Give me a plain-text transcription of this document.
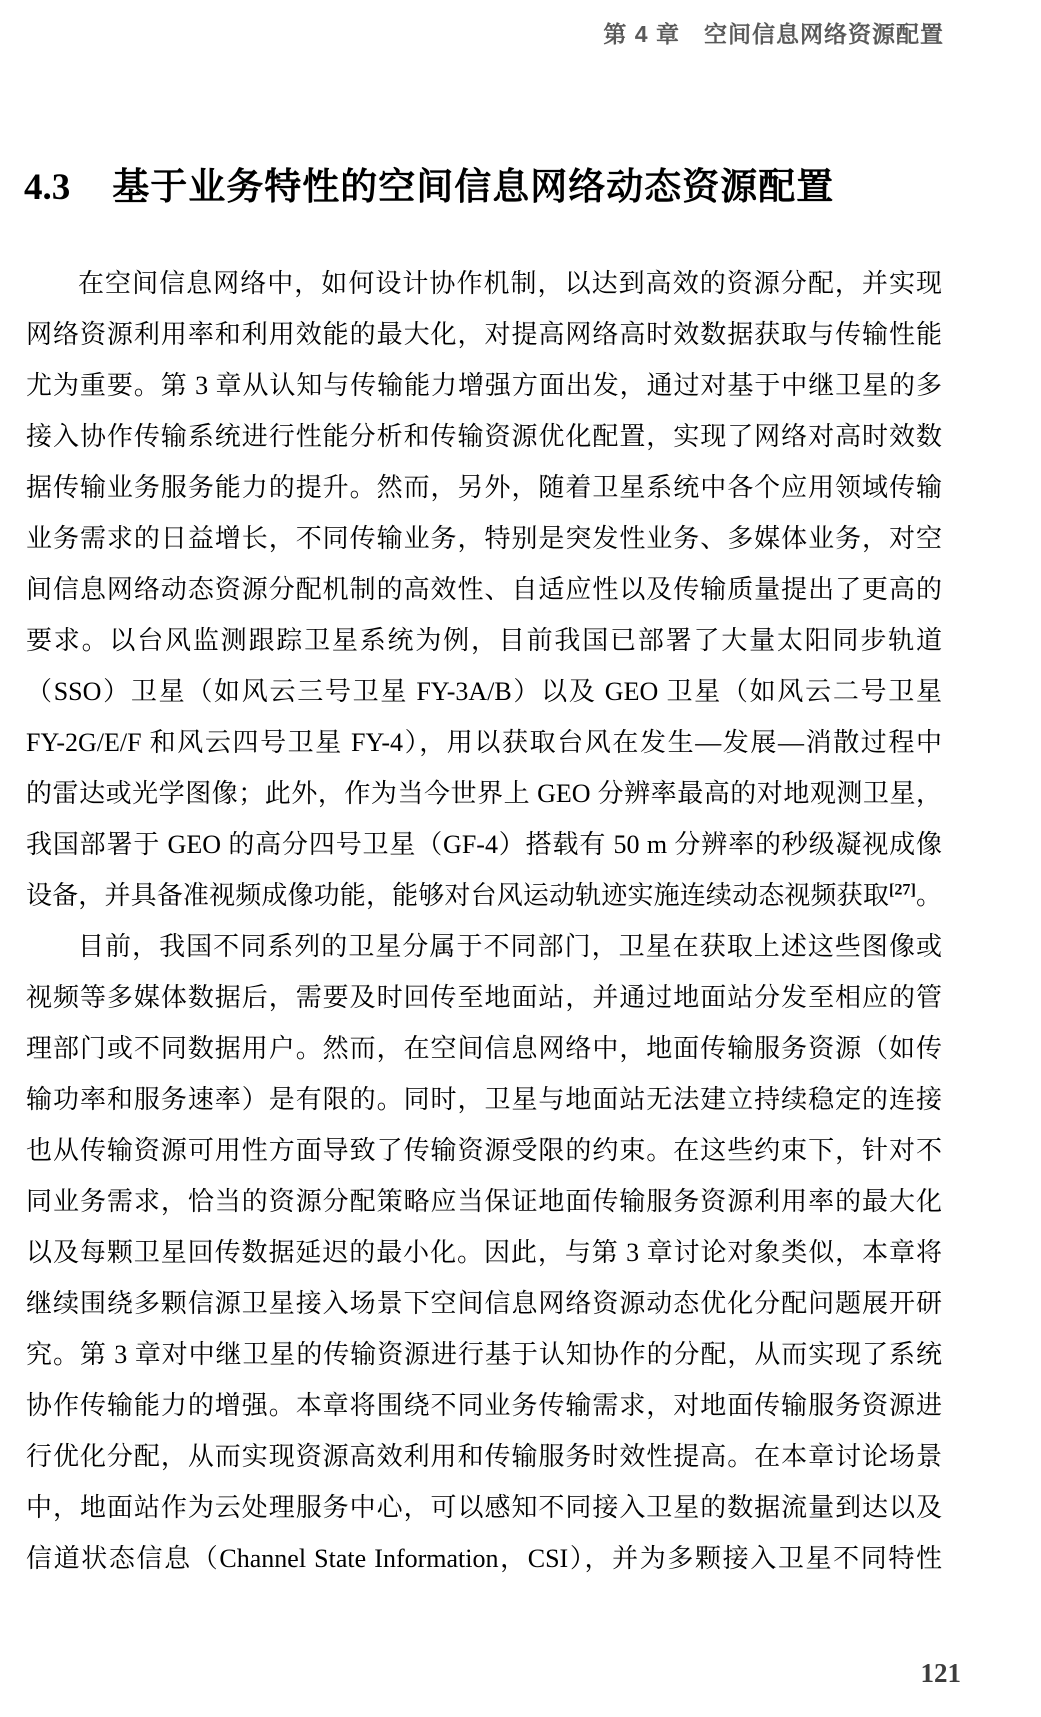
第 4 章　空间信息网络资源配置
4.3 基于业务特性的空间信息网络动态资源配置
在空间信息网络中，如何设计协作机制，以达到高效的资源分配，并实现
网络资源利用率和利用效能的最大化，对提高网络高时效数据获取与传输性能
尤为重要。第 3 章从认知与传输能力增强方面出发，通过对基于中继卫星的多
接入协作传输系统进行性能分析和传输资源优化配置，实现了网络对高时效数
据传输业务服务能力的提升。然而，另外，随着卫星系统中各个应用领域传输
业务需求的日益增长，不同传输业务，特别是突发性业务、多媒体业务，对空
间信息网络动态资源分配机制的高效性、自适应性以及传输质量提出了更高的
要求。以台风监测跟踪卫星系统为例，目前我国已部署了大量太阳同步轨道
（SSO）卫星（如风云三号卫星 FY-3A/B）以及 GEO 卫星（如风云二号卫星
FY-2G/E/F 和风云四号卫星 FY-4），用以获取台风在发生—发展—消散过程中
的雷达或光学图像；此外，作为当今世界上 GEO 分辨率最高的对地观测卫星，
我国部署于 GEO 的高分四号卫星（GF-4）搭载有 50 m 分辨率的秒级凝视成像
设备，并具备准视频成像功能，能够对台风运动轨迹实施连续动态视频获取[27]。
目前，我国不同系列的卫星分属于不同部门，卫星在获取上述这些图像或
视频等多媒体数据后，需要及时回传至地面站，并通过地面站分发至相应的管
理部门或不同数据用户。然而，在空间信息网络中，地面传输服务资源（如传
输功率和服务速率）是有限的。同时，卫星与地面站无法建立持续稳定的连接
也从传输资源可用性方面导致了传输资源受限的约束。在这些约束下，针对不
同业务需求，恰当的资源分配策略应当保证地面传输服务资源利用率的最大化
以及每颗卫星回传数据延迟的最小化。因此，与第 3 章讨论对象类似，本章将
继续围绕多颗信源卫星接入场景下空间信息网络资源动态优化分配问题展开研
究。第 3 章对中继卫星的传输资源进行基于认知协作的分配，从而实现了系统
协作传输能力的增强。本章将围绕不同业务传输需求，对地面传输服务资源进
行优化分配，从而实现资源高效利用和传输服务时效性提高。在本章讨论场景
中，地面站作为云处理服务中心，可以感知不同接入卫星的数据流量到达以及
信道状态信息（Channel State Information，CSI），并为多颗接入卫星不同特性
121
